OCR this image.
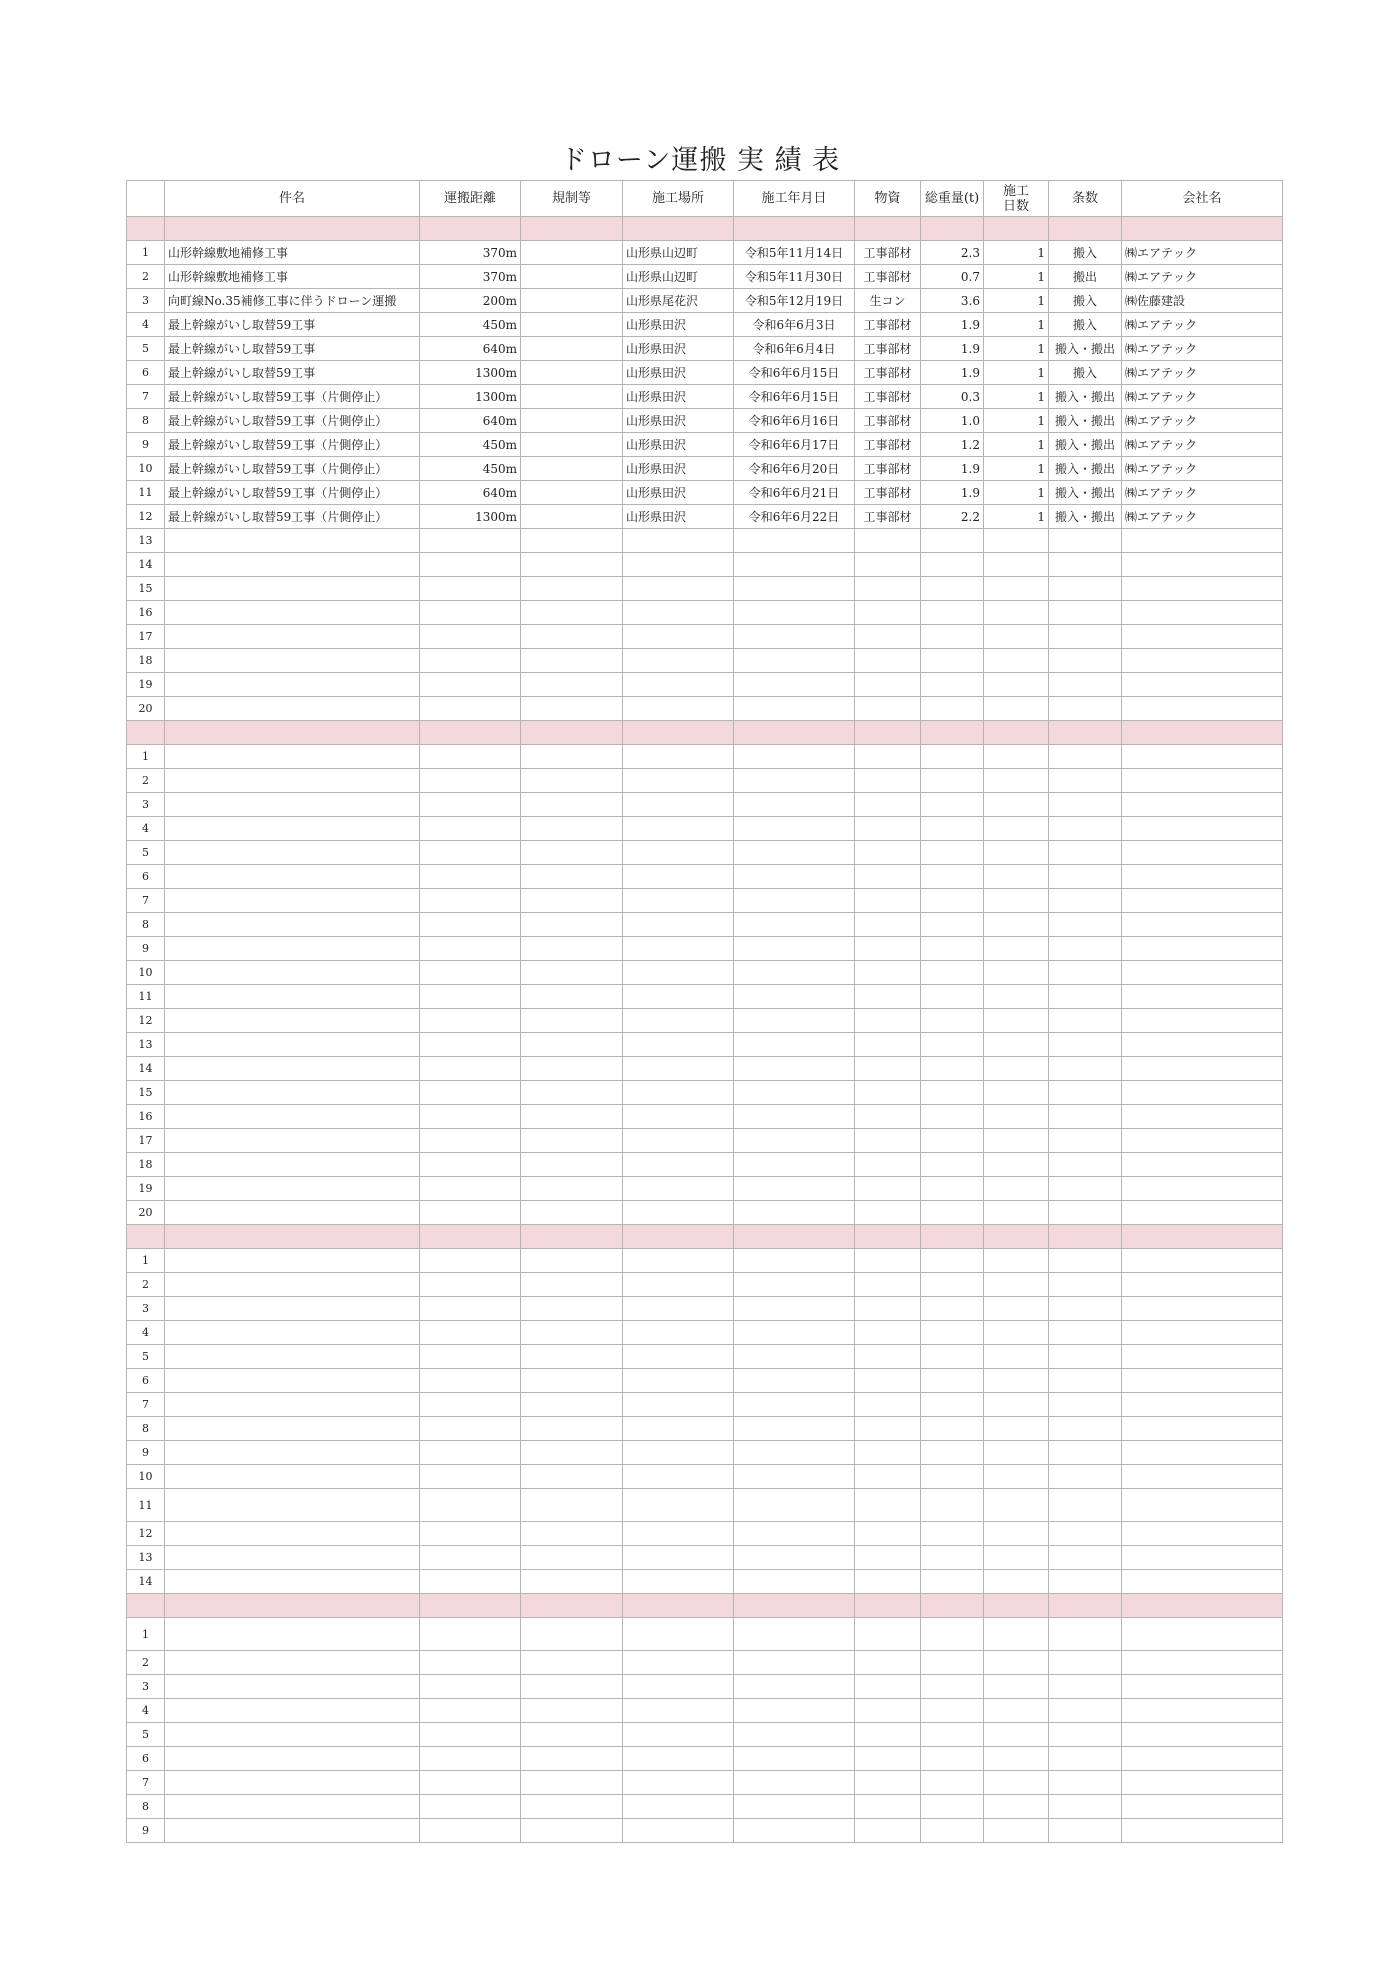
ドローン運搬 実 績 表
	件名	運搬距離	規制等	施工場所	施工年月日	物資	総重量(t)	施工
日数	条数	会社名

1	山形幹線敷地補修工事	370m		山形県山辺町	令和5年11月14日	工事部材	2.3	1	搬入	㈱エアテック
2	山形幹線敷地補修工事	370m		山形県山辺町	令和5年11月30日	工事部材	0.7	1	搬出	㈱エアテック
3	向町線No.35補修工事に伴うドローン運搬	200m		山形県尾花沢	令和5年12月19日	生コン	3.6	1	搬入	㈱佐藤建設
4	最上幹線がいし取替59工事	450m		山形県田沢	令和6年6月3日	工事部材	1.9	1	搬入	㈱エアテック
5	最上幹線がいし取替59工事	640m		山形県田沢	令和6年6月4日	工事部材	1.9	1	搬入・搬出	㈱エアテック
6	最上幹線がいし取替59工事	1300m		山形県田沢	令和6年6月15日	工事部材	1.9	1	搬入	㈱エアテック
7	最上幹線がいし取替59工事（片側停止）	1300m		山形県田沢	令和6年6月15日	工事部材	0.3	1	搬入・搬出	㈱エアテック
8	最上幹線がいし取替59工事（片側停止）	640m		山形県田沢	令和6年6月16日	工事部材	1.0	1	搬入・搬出	㈱エアテック
9	最上幹線がいし取替59工事（片側停止）	450m		山形県田沢	令和6年6月17日	工事部材	1.2	1	搬入・搬出	㈱エアテック
10	最上幹線がいし取替59工事（片側停止）	450m		山形県田沢	令和6年6月20日	工事部材	1.9	1	搬入・搬出	㈱エアテック
11	最上幹線がいし取替59工事（片側停止）	640m		山形県田沢	令和6年6月21日	工事部材	1.9	1	搬入・搬出	㈱エアテック
12	最上幹線がいし取替59工事（片側停止）	1300m		山形県田沢	令和6年6月22日	工事部材	2.2	1	搬入・搬出	㈱エアテック
13										
14										
15										
16										
17										
18										
19										
20										

1										
2										
3										
4										
5										
6										
7										
8										
9										
10										
11										
12										
13										
14										
15										
16										
17										
18										
19										
20										

1										
2										
3										
4										
5										
6										
7										
8										
9										
10										
11										
12										
13										
14										

1										
2										
3										
4										
5										
6										
7										
8										
9										
